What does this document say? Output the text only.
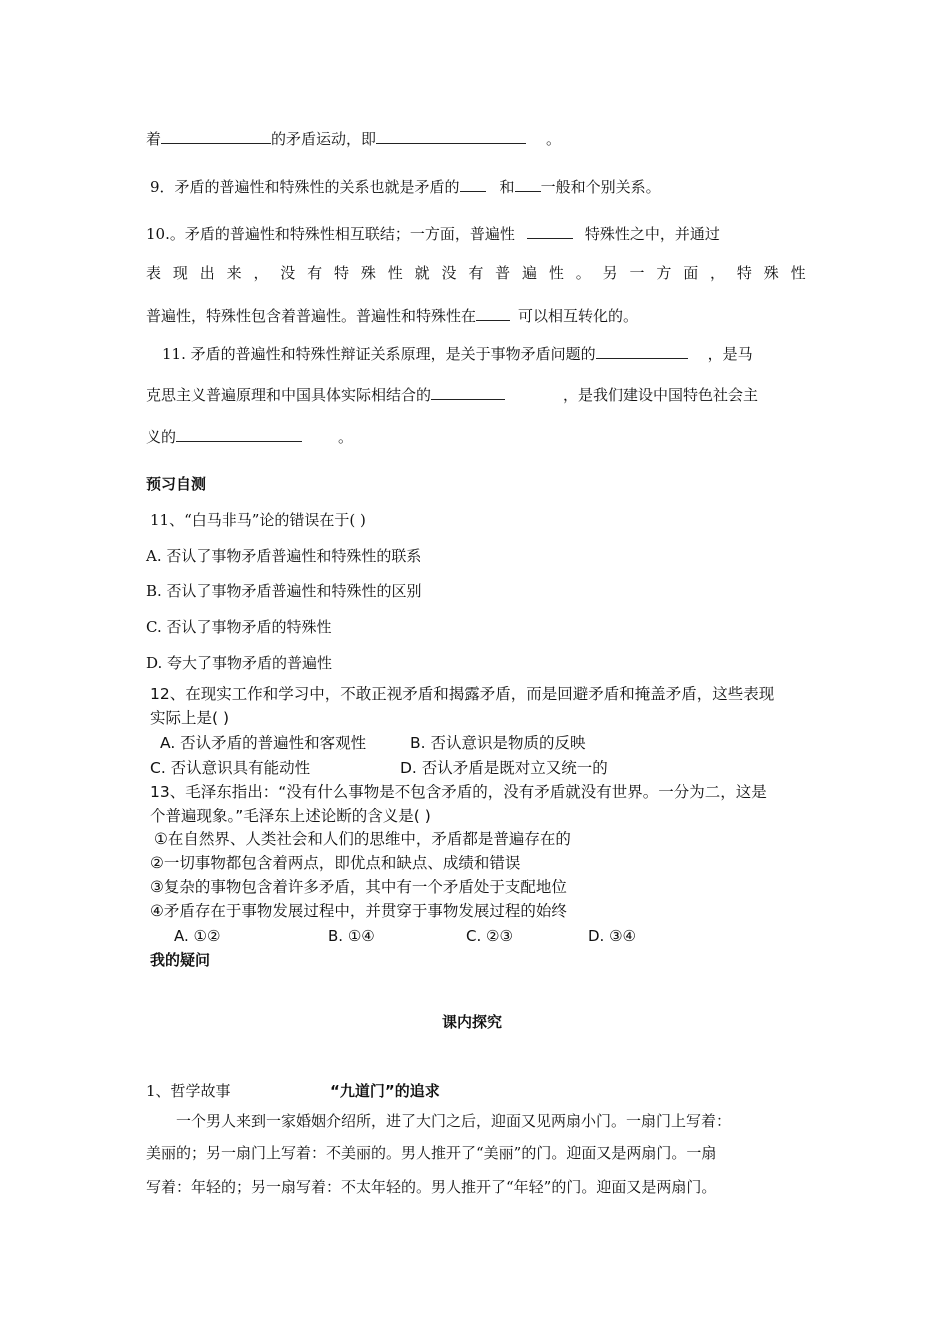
着	的矛盾运动，即	。
9．矛盾的普遍性和特殊性的关系也就是矛盾的	和 一般和个别关系。
10.。矛盾的普遍性和特殊性相互联结；一方面，普遍性	特殊性之中，并通过
表 现 出 来 ， 没 有 特 殊 性 就 没 有 普 遍 性 。 另 一 方 面 ， 特 殊 性
普遍性，特殊性包含着普遍性。普遍性和特殊性在	可以相互转化的。
11. 矛盾的普遍性和特殊性辩证关系原理，是关于事物矛盾问题的	，是马
克思主义普遍原理和中国具体实际相结合的	，是我们建设中国特色社会主
义的	。
预习自测
11、“白马非马”论的错误在于( )
A. 否认了事物矛盾普遍性和特殊性的联系
B. 否认了事物矛盾普遍性和特殊性的区别
C. 否认了事物矛盾的特殊性
D. 夸大了事物矛盾的普遍性
12、在现实工作和学习中，不敢正视矛盾和揭露矛盾，而是回避矛盾和掩盖矛盾，这些表现
实际上是( )
A. 否认矛盾的普遍性和客观性	B. 否认意识是物质的反映
C. 否认意识具有能动性	D. 否认矛盾是既对立又统一的
13、毛泽东指出：“没有什么事物是不包含矛盾的，没有矛盾就没有世界。一分为二，这是
个普遍现象。”毛泽东上述论断的含义是( )
①在自然界、人类社会和人们的思维中，矛盾都是普遍存在的
②一切事物都包含着两点，即优点和缺点、成绩和错误
③复杂的事物包含着许多矛盾，其中有一个矛盾处于支配地位
④矛盾存在于事物发展过程中，并贯穿于事物发展过程的始终
A. ①②	B. ①④	C. ②③	D. ③④
我的疑问
课内探究
1、哲学故事	“九道门”的追求
一个男人来到一家婚姻介绍所，进了大门之后，迎面又见两扇小门。一扇门上写着：
美丽的；另一扇门上写着：不美丽的。男人推开了“美丽”的门。迎面又是两扇门。一扇
写着：年轻的；另一扇写着：不太年轻的。男人推开了“年轻”的门。迎面又是两扇门。
